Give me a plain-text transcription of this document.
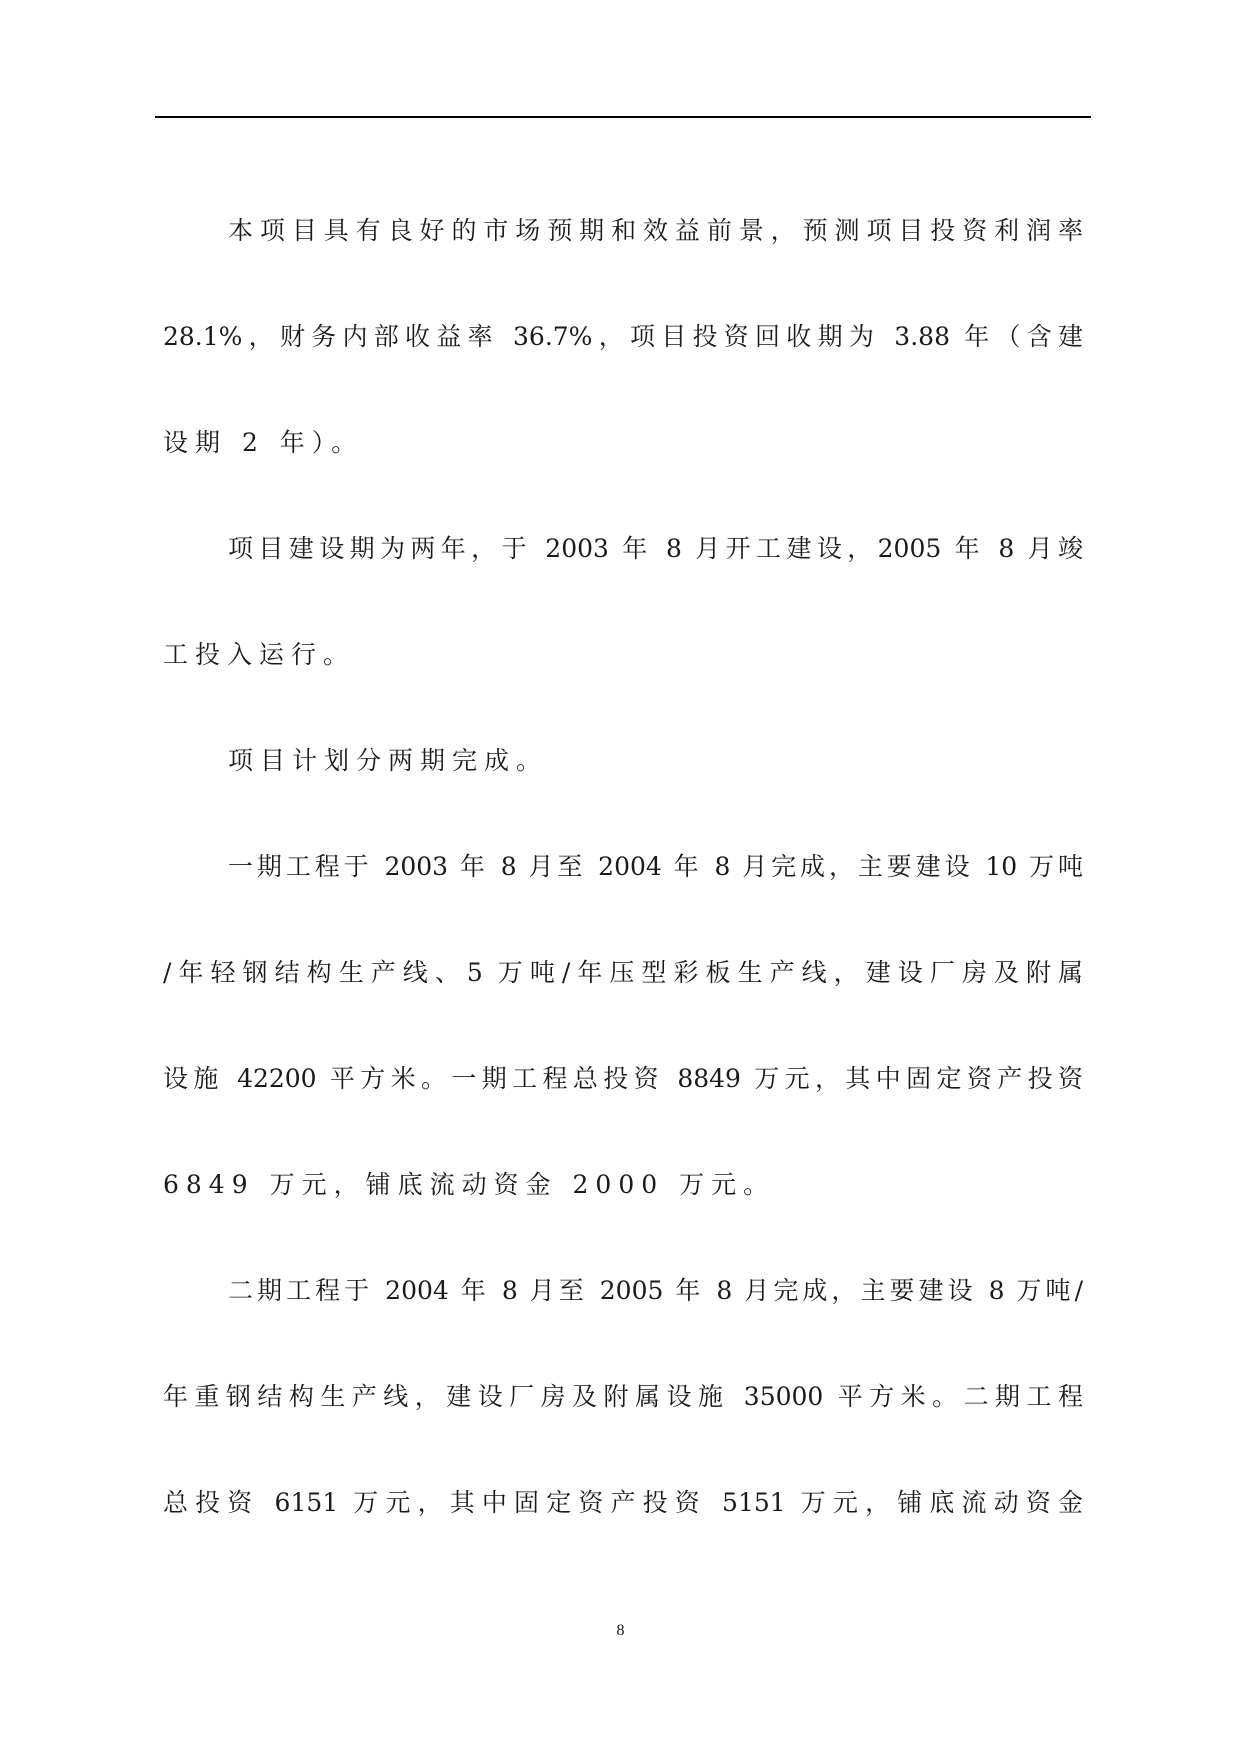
本项目具有良好的市场预期和效益前景，预测项目投资利润率
28.1%，财务内部收益率 36.7%，项目投资回收期为 3.88 年（含建
设期 2 年）。
项目建设期为两年，于 2003 年 8 月开工建设，2005 年 8 月竣
工投入运行。
项目计划分两期完成。
一期工程于 2003 年 8 月至 2004 年 8 月完成，主要建设 10 万吨
/年轻钢结构生产线、5 万吨/年压型彩板生产线，建设厂房及附属
设施 42200 平方米。一期工程总投资 8849 万元，其中固定资产投资
6849 万元，铺底流动资金 2000 万元。
二期工程于 2004 年 8 月至 2005 年 8 月完成，主要建设 8 万吨/
年重钢结构生产线，建设厂房及附属设施 35000 平方米。二期工程
总投资 6151 万元，其中固定资产投资 5151 万元，铺底流动资金
8
